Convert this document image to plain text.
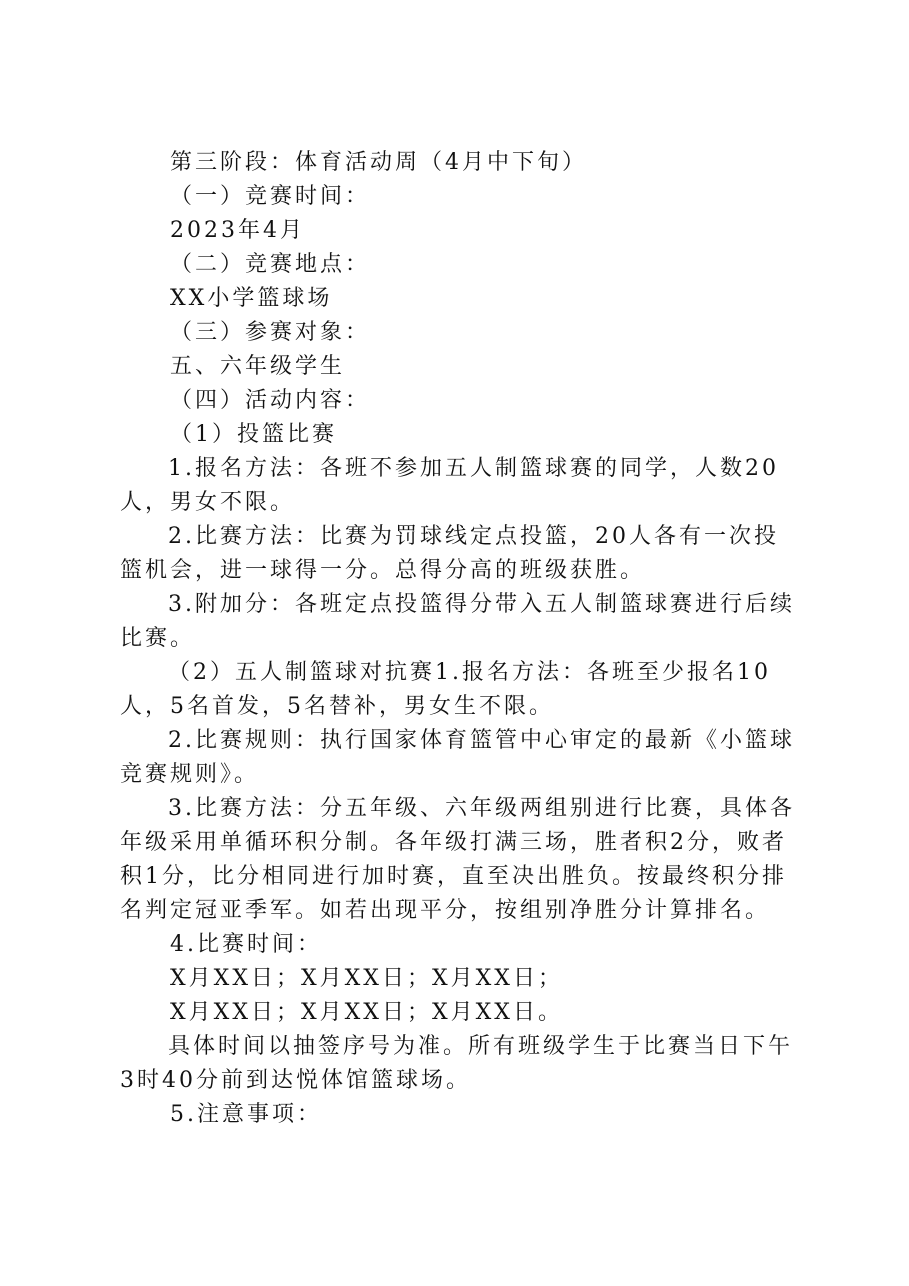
第三阶段：体育活动周（4月中下旬）

（一）竞赛时间：

2023年4月

（二）竞赛地点：

XX小学篮球场

（三）参赛对象：

五、六年级学生

（四）活动内容：

（1）投篮比赛

1.报名方法：各班不参加五人制篮球赛的同学，人数20人，男女不限。

2.比赛方法：比赛为罚球线定点投篮，20人各有一次投篮机会，进一球得一分。总得分高的班级获胜。

3.附加分：各班定点投篮得分带入五人制篮球赛进行后续比赛。

（2）五人制篮球对抗赛1.报名方法：各班至少报名10人，5名首发，5名替补，男女生不限。

2.比赛规则：执行国家体育篮管中心审定的最新《小篮球竞赛规则》。

3.比赛方法：分五年级、六年级两组别进行比赛，具体各年级采用单循环积分制。各年级打满三场，胜者积2分，败者积1分，比分相同进行加时赛，直至决出胜负。按最终积分排名判定冠亚季军。如若出现平分，按组别净胜分计算排名。

4.比赛时间：

X月XX日；X月XX日；X月XX日；

X月XX日；X月XX日；X月XX日。

具体时间以抽签序号为准。所有班级学生于比赛当日下午3时40分前到达悦体馆篮球场。

5.注意事项：
